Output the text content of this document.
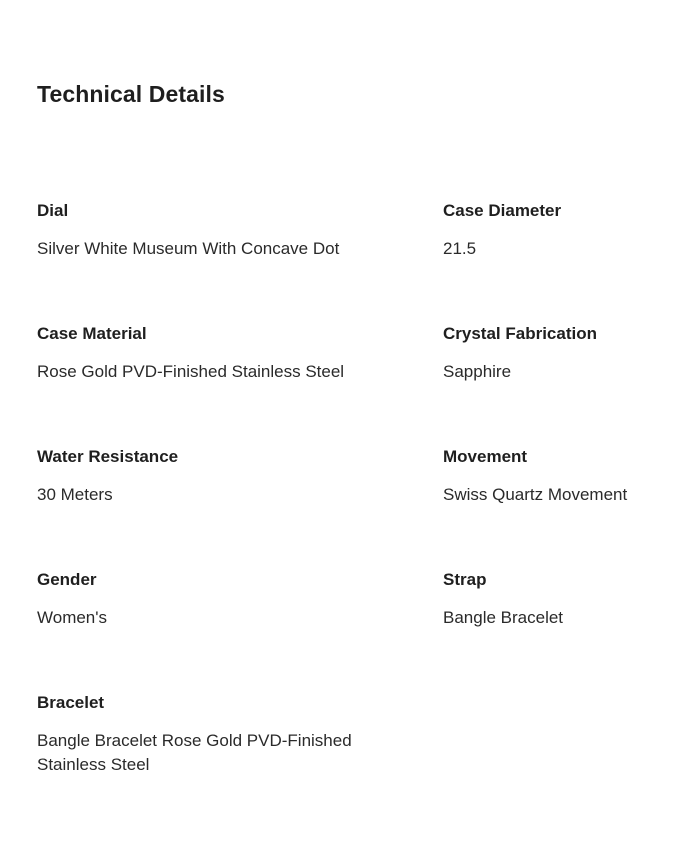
Technical Details
Dial
Silver White Museum With Concave Dot
Case Diameter
21.5
Case Material
Rose Gold PVD-Finished Stainless Steel
Crystal Fabrication
Sapphire
Water Resistance
30 Meters
Movement
Swiss Quartz Movement
Gender
Women's
Strap
Bangle Bracelet
Bracelet
Bangle Bracelet Rose Gold PVD-Finished Stainless Steel
